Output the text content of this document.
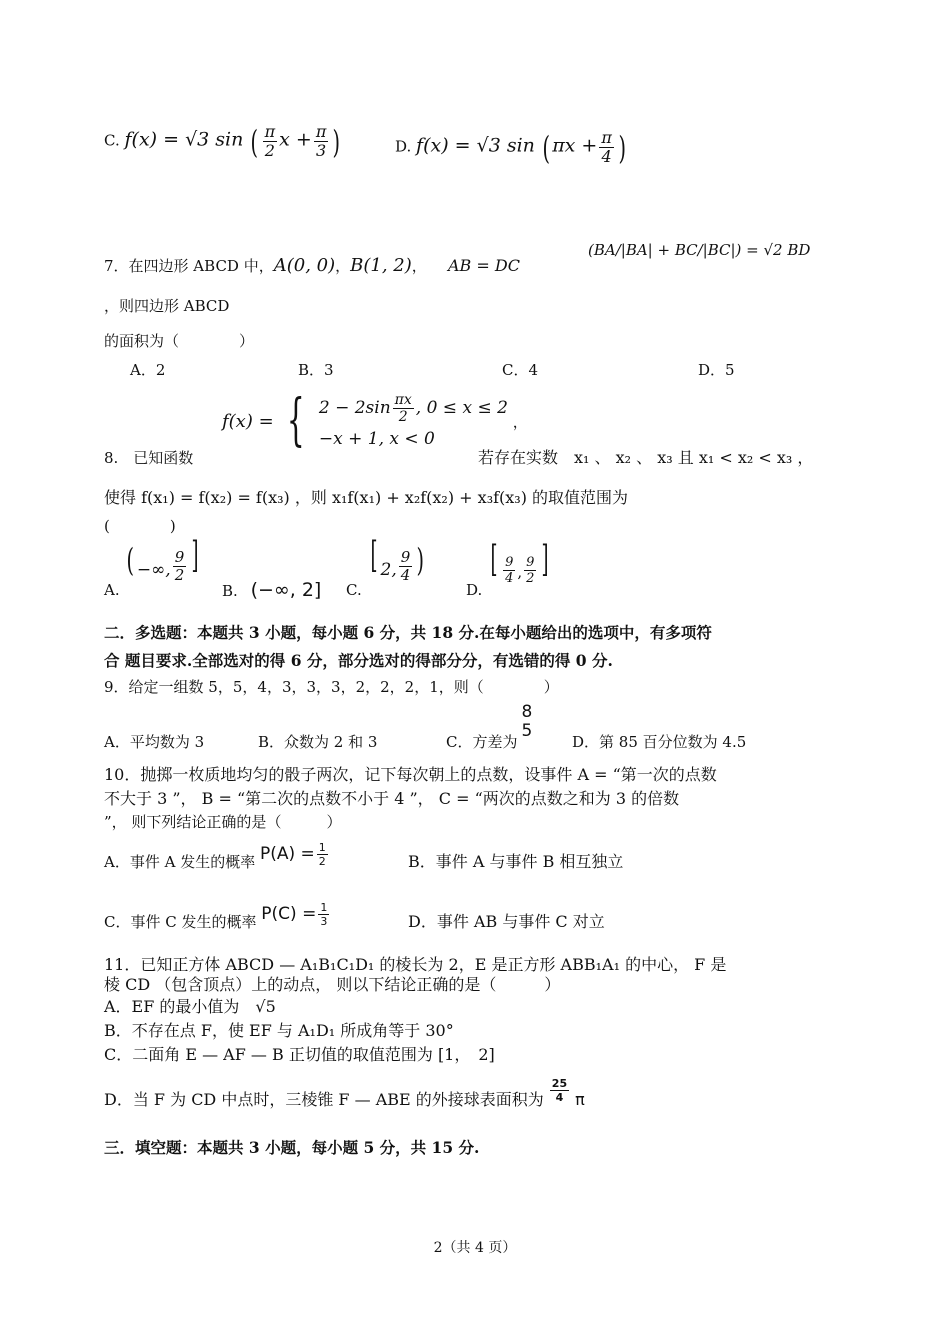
C. f(x) = √3 sin ( $\frac{\pi}{2}$ $x + \frac{\pi}{3}$ )	D. f(x) = √3 sin ( $\pi x + \frac{\pi}{4}$ )
7．在四边形 ABCD 中，A(0, 0)，B(1, 2)， AB = DC
(BA/|BA| + BC/|BC|) = √2 BD
，则四边形 ABCD
的面积为（　　　　）
A．2	B．3	C．4	D．5
f(x) = { $2 - 2\sin \frac{\pi x}{2}$ , 0 ≤ x ≤ 2
−x + 1, x < 0
，
8.　已知函数	若存在实数　x₁ 、 x₂ 、 x₃ 且 x₁ < x₂ < x₃ ，
使得 f(x₁) = f(x₂) = f(x₃) ，则 x₁f(x₁) + x₂f(x₂) + x₃f(x₃) 的取值范围为
(　　　　)
A. ( −∞, $\frac{9}{2}$ ]
B. (−∞, 2] C. [ 2, $\frac{9}{4}$ )
D. [ $\frac{9}{4}$ , $\frac{9}{2}$ ]
二．多选题：本题共 3 小题，每小题 6 分，共 18 分.在每小题给出的选项中，有多项符
合 题目要求.全部选对的得 6 分，部分选对的得部分分，有选错的得 0 分.
9．给定一组数 5，5，4，3，3，3，2，2，2，1，则（　　　　）
A．平均数为 3	B．众数为 2 和 3	C．方差为
8
5
D．第 85 百分位数为 4.5
10．抛掷一枚质地均匀的骰子两次，记下每次朝上的点数，设事件 A = “第一次的点数
不大于 3 ”， B = “第二次的点数不小于 4 ”， C = “两次的点数之和为 3 的倍数
”， 则下列结论正确的是（　　　）
A．事件 A 发生的概率 $P(A) = \frac{1}{2}$	B．事件 A 与事件 B 相互独立
C．事件 C 发生的概率 $P(C) = \frac{1}{3}$	D．事件 AB 与事件 C 对立
11．已知正方体 ABCD — A₁B₁C₁D₁ 的棱长为 2，E 是正方形 ABB₁A₁ 的中心， F 是
棱 CD （包含顶点）上的动点， 则以下结论正确的是（　　　）
A．EF 的最小值为　√5
B．不存在点 F，使 EF 与 A₁D₁ 所成角等于 30°
C．二面角 E — AF — B 正切值的取值范围为 [1，　2]
D．当 F 为 CD 中点时，三棱锥 F — ABE 的外接球表面积为 $\frac{25}{4}$ π
三．填空题：本题共 3 小题，每小题 5 分，共 15 分.
2（共 4 页）
